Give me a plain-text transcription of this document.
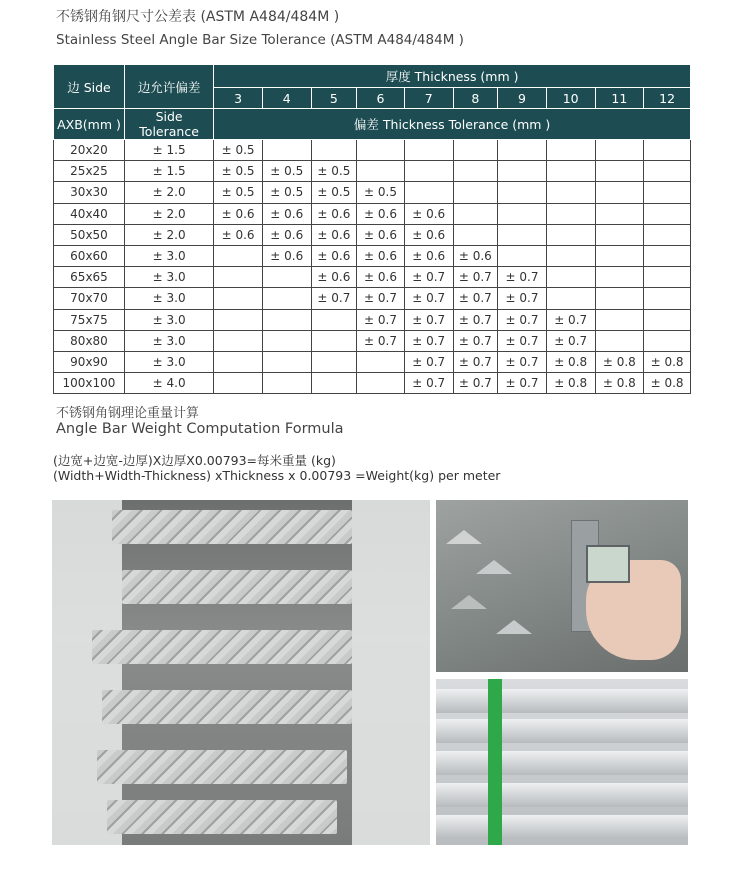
不锈钢角钢尺寸公差表 (ASTM A484/484M )
Stainless Steel Angle Bar Size Tolerance (ASTM A484/484M )
边 Side	边允许偏差	厚度 Thickness (mm )									
		3	4	5	6	7	8	9	10	11	12
AXB(mm )	Side Tolerance	偏差 Thickness Tolerance (mm )									
20x20	± 1.5	± 0.5									
25x25	± 1.5	± 0.5	± 0.5	± 0.5							
30x30	± 2.0	± 0.5	± 0.5	± 0.5	± 0.5						
40x40	± 2.0	± 0.6	± 0.6	± 0.6	± 0.6	± 0.6					
50x50	± 2.0	± 0.6	± 0.6	± 0.6	± 0.6	± 0.6					
60x60	± 3.0		± 0.6	± 0.6	± 0.6	± 0.6	± 0.6				
65x65	± 3.0			± 0.6	± 0.6	± 0.7	± 0.7	± 0.7			
70x70	± 3.0			± 0.7	± 0.7	± 0.7	± 0.7	± 0.7			
75x75	± 3.0				± 0.7	± 0.7	± 0.7	± 0.7	± 0.7		
80x80	± 3.0				± 0.7	± 0.7	± 0.7	± 0.7	± 0.7		
90x90	± 3.0					± 0.7	± 0.7	± 0.7	± 0.8	± 0.8	± 0.8
100x100	± 4.0					± 0.7	± 0.7	± 0.7	± 0.8	± 0.8	± 0.8
不锈钢角钢理论重量计算
Angle Bar Weight Computation Formula
(边宽+边宽-边厚)X边厚X0.00793=每米重量 (kg)
(Width+Width-Thickness) xThickness x 0.00793 =Weight(kg) per meter
